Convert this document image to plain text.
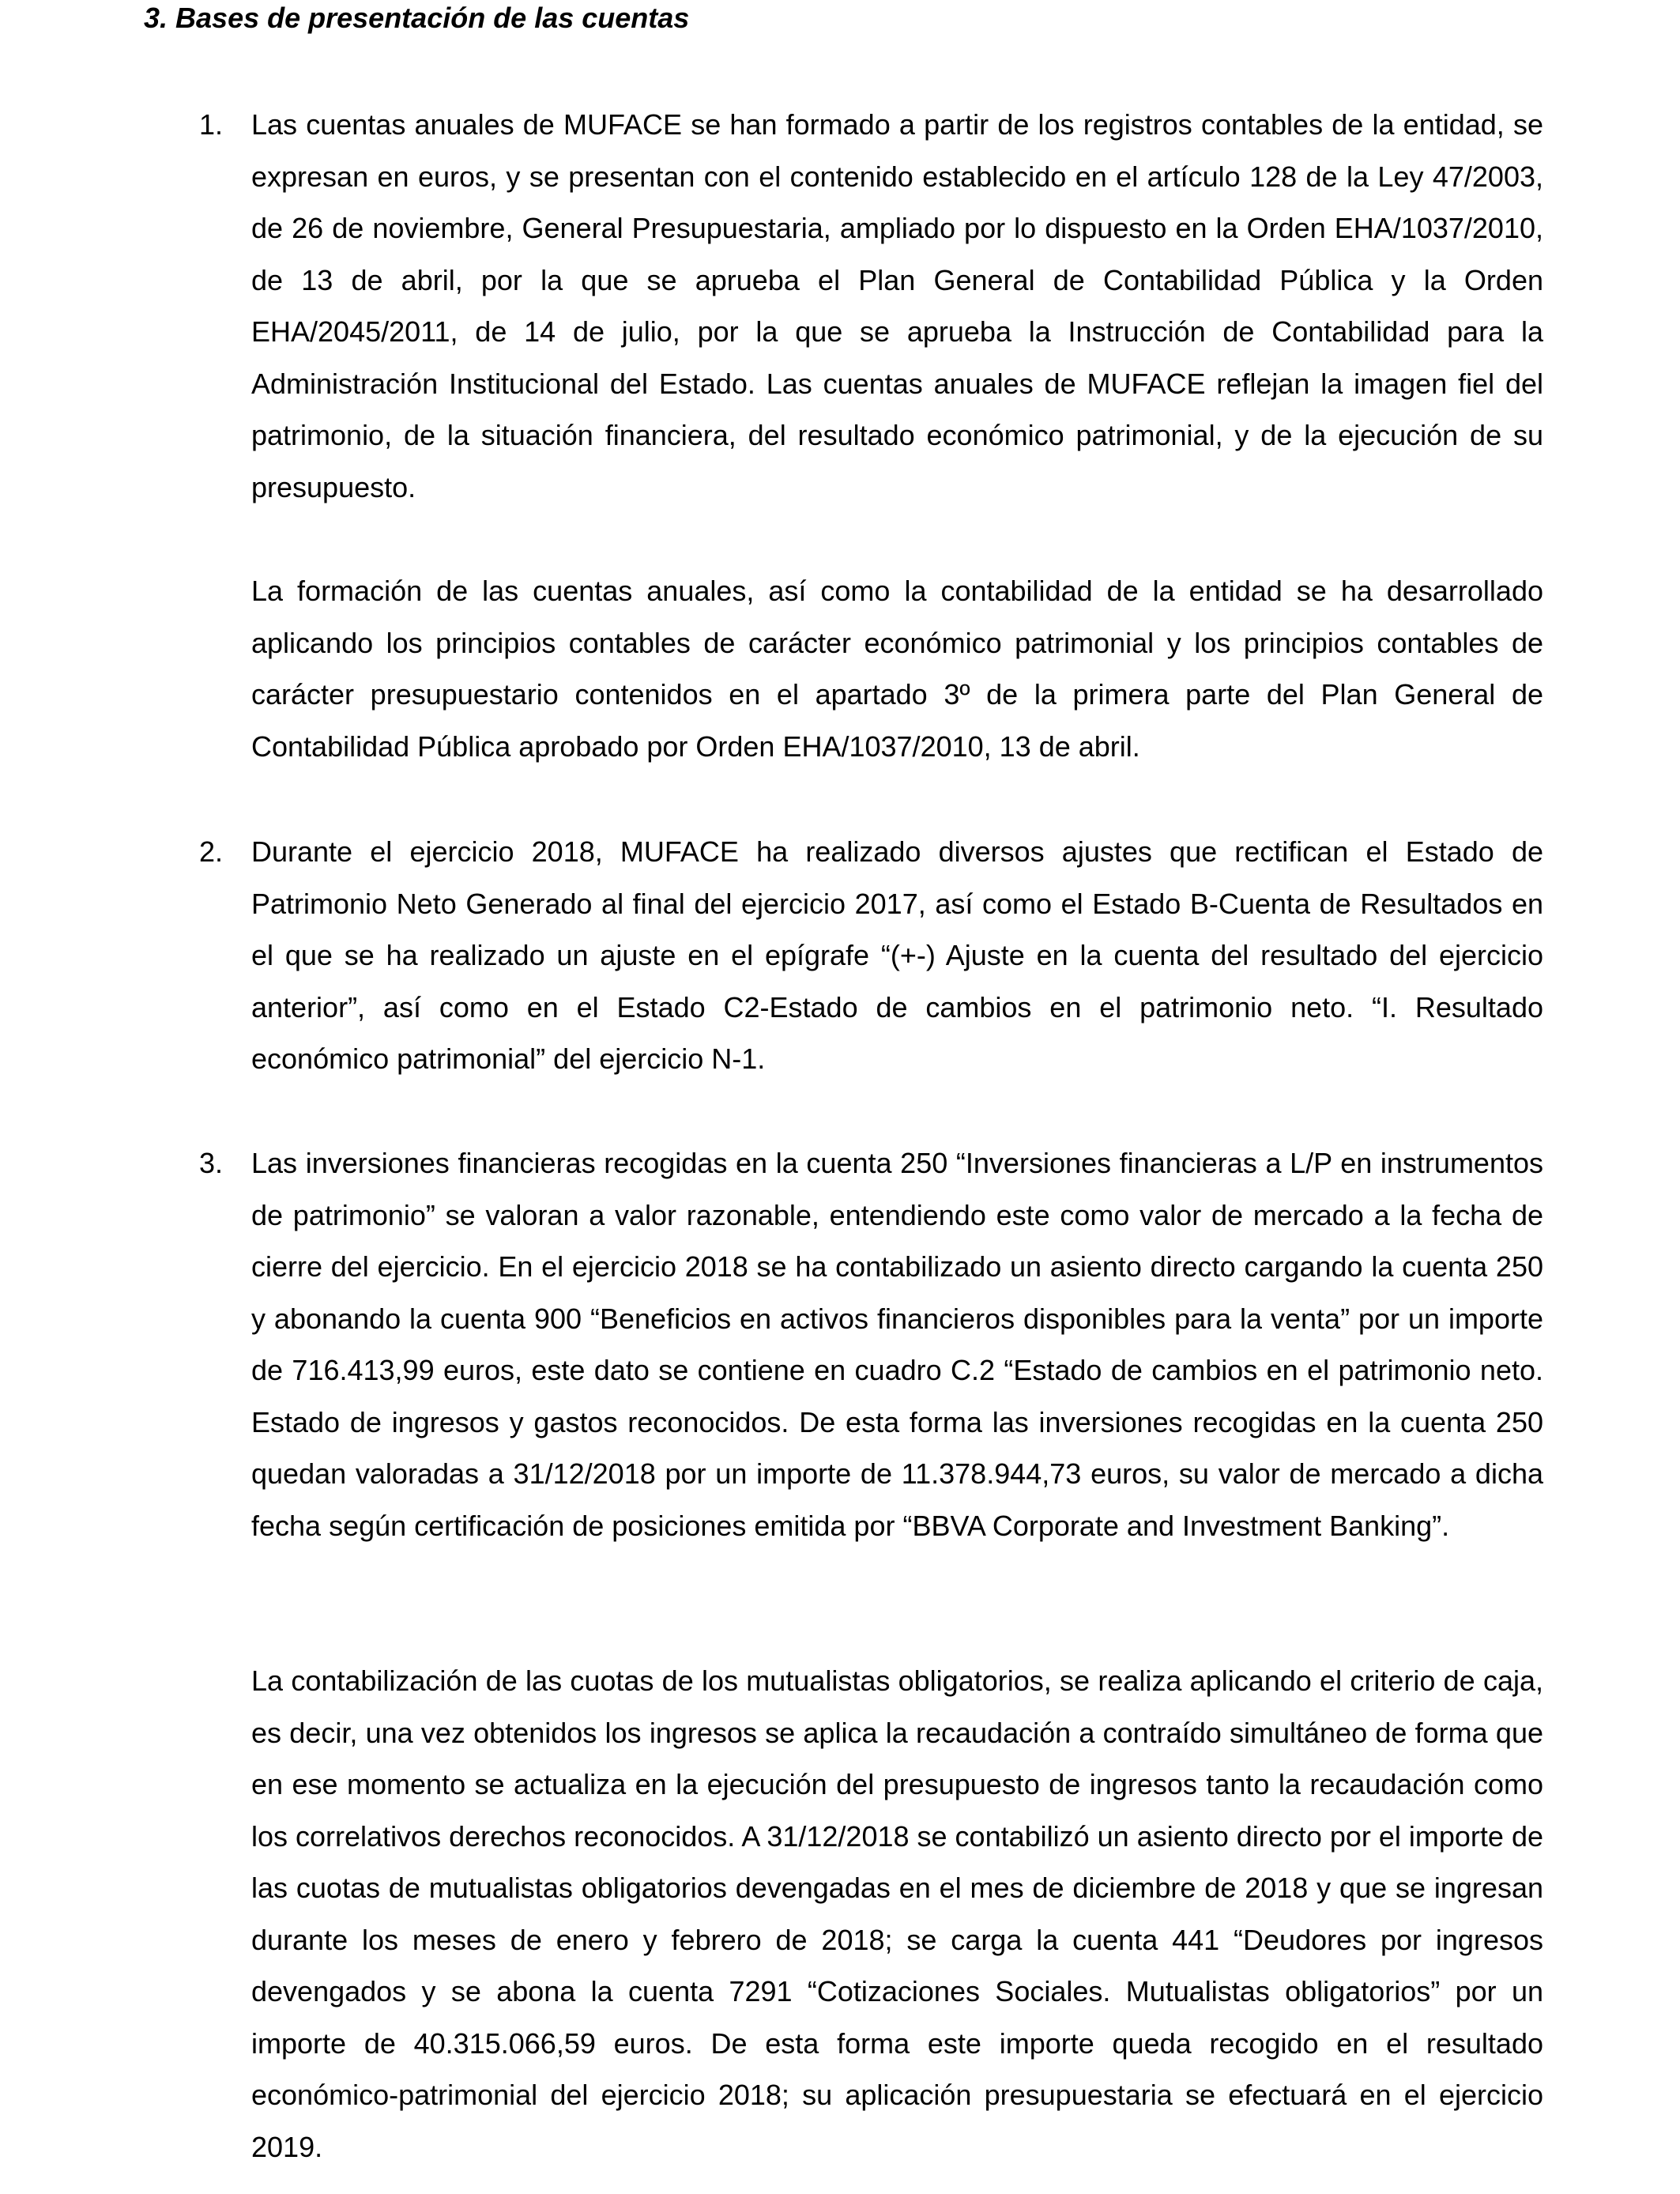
3. Bases de presentación de las cuentas
1. Las cuentas anuales de MUFACE se han formado a partir de los registros contables de la entidad, se expresan en euros, y se presentan con el contenido establecido en el artículo 128 de la Ley 47/2003, de 26 de noviembre, General Presupuestaria, ampliado por lo dispuesto en la Orden EHA/1037/2010, de 13 de abril, por la que se aprueba el Plan General de Contabilidad Pública y la Orden EHA/2045/2011, de 14 de julio, por la que se aprueba la Instrucción de Contabilidad para la Administración Institucional del Estado. Las cuentas anuales de MUFACE reflejan la imagen fiel del patrimonio, de la situación financiera, del resultado económico patrimonial, y de la ejecución de su presupuesto.

La formación de las cuentas anuales, así como la contabilidad de la entidad se ha desarrollado aplicando los principios contables de carácter económico patrimonial y los principios contables de carácter presupuestario contenidos en el apartado 3º de la primera parte del Plan General de Contabilidad Pública aprobado por Orden EHA/1037/2010, 13 de abril.

2. Durante el ejercicio 2018, MUFACE ha realizado diversos ajustes que rectifican el Estado de Patrimonio Neto Generado al final del ejercicio 2017, así como el Estado B-Cuenta de Resultados en el que se ha realizado un ajuste en el epígrafe “(+-) Ajuste en la cuenta del resultado del ejercicio anterior”, así como en el Estado C2-Estado de cambios en el patrimonio neto. “I. Resultado económico patrimonial” del ejercicio N-1.

3. Las inversiones financieras recogidas en la cuenta 250 “Inversiones financieras a L/P en instrumentos de patrimonio” se valoran a valor razonable, entendiendo este como valor de mercado a la fecha de cierre del ejercicio. En el ejercicio 2018 se ha contabilizado un asiento directo cargando la cuenta 250 y abonando la cuenta 900 “Beneficios en activos financieros disponibles para la venta” por un importe de 716.413,99 euros, este dato se contiene en cuadro C.2 “Estado de cambios en el patrimonio neto. Estado de ingresos y gastos reconocidos. De esta forma las inversiones recogidas en la cuenta 250 quedan valoradas a 31/12/2018 por un importe de 11.378.944,73 euros, su valor de mercado a dicha fecha según certificación de posiciones emitida por “BBVA Corporate and Investment Banking”.

La contabilización de las cuotas de los mutualistas obligatorios, se realiza aplicando el criterio de caja, es decir, una vez obtenidos los ingresos se aplica la recaudación a contraído simultáneo de forma que en ese momento se actualiza en la ejecución del presupuesto de ingresos tanto la recaudación como los correlativos derechos reconocidos. A 31/12/2018 se contabilizó un asiento directo por el importe de las cuotas de mutualistas obligatorios devengadas en el mes de diciembre de 2018 y que se ingresan durante los meses de enero y febrero de 2018; se carga la cuenta 441 “Deudores por ingresos devengados y se abona la cuenta 7291 “Cotizaciones Sociales. Mutualistas obligatorios” por un importe de 40.315.066,59 euros. De esta forma este importe queda recogido en el resultado económico-patrimonial del ejercicio 2018; su aplicación presupuestaria se efectuará en el ejercicio 2019.
